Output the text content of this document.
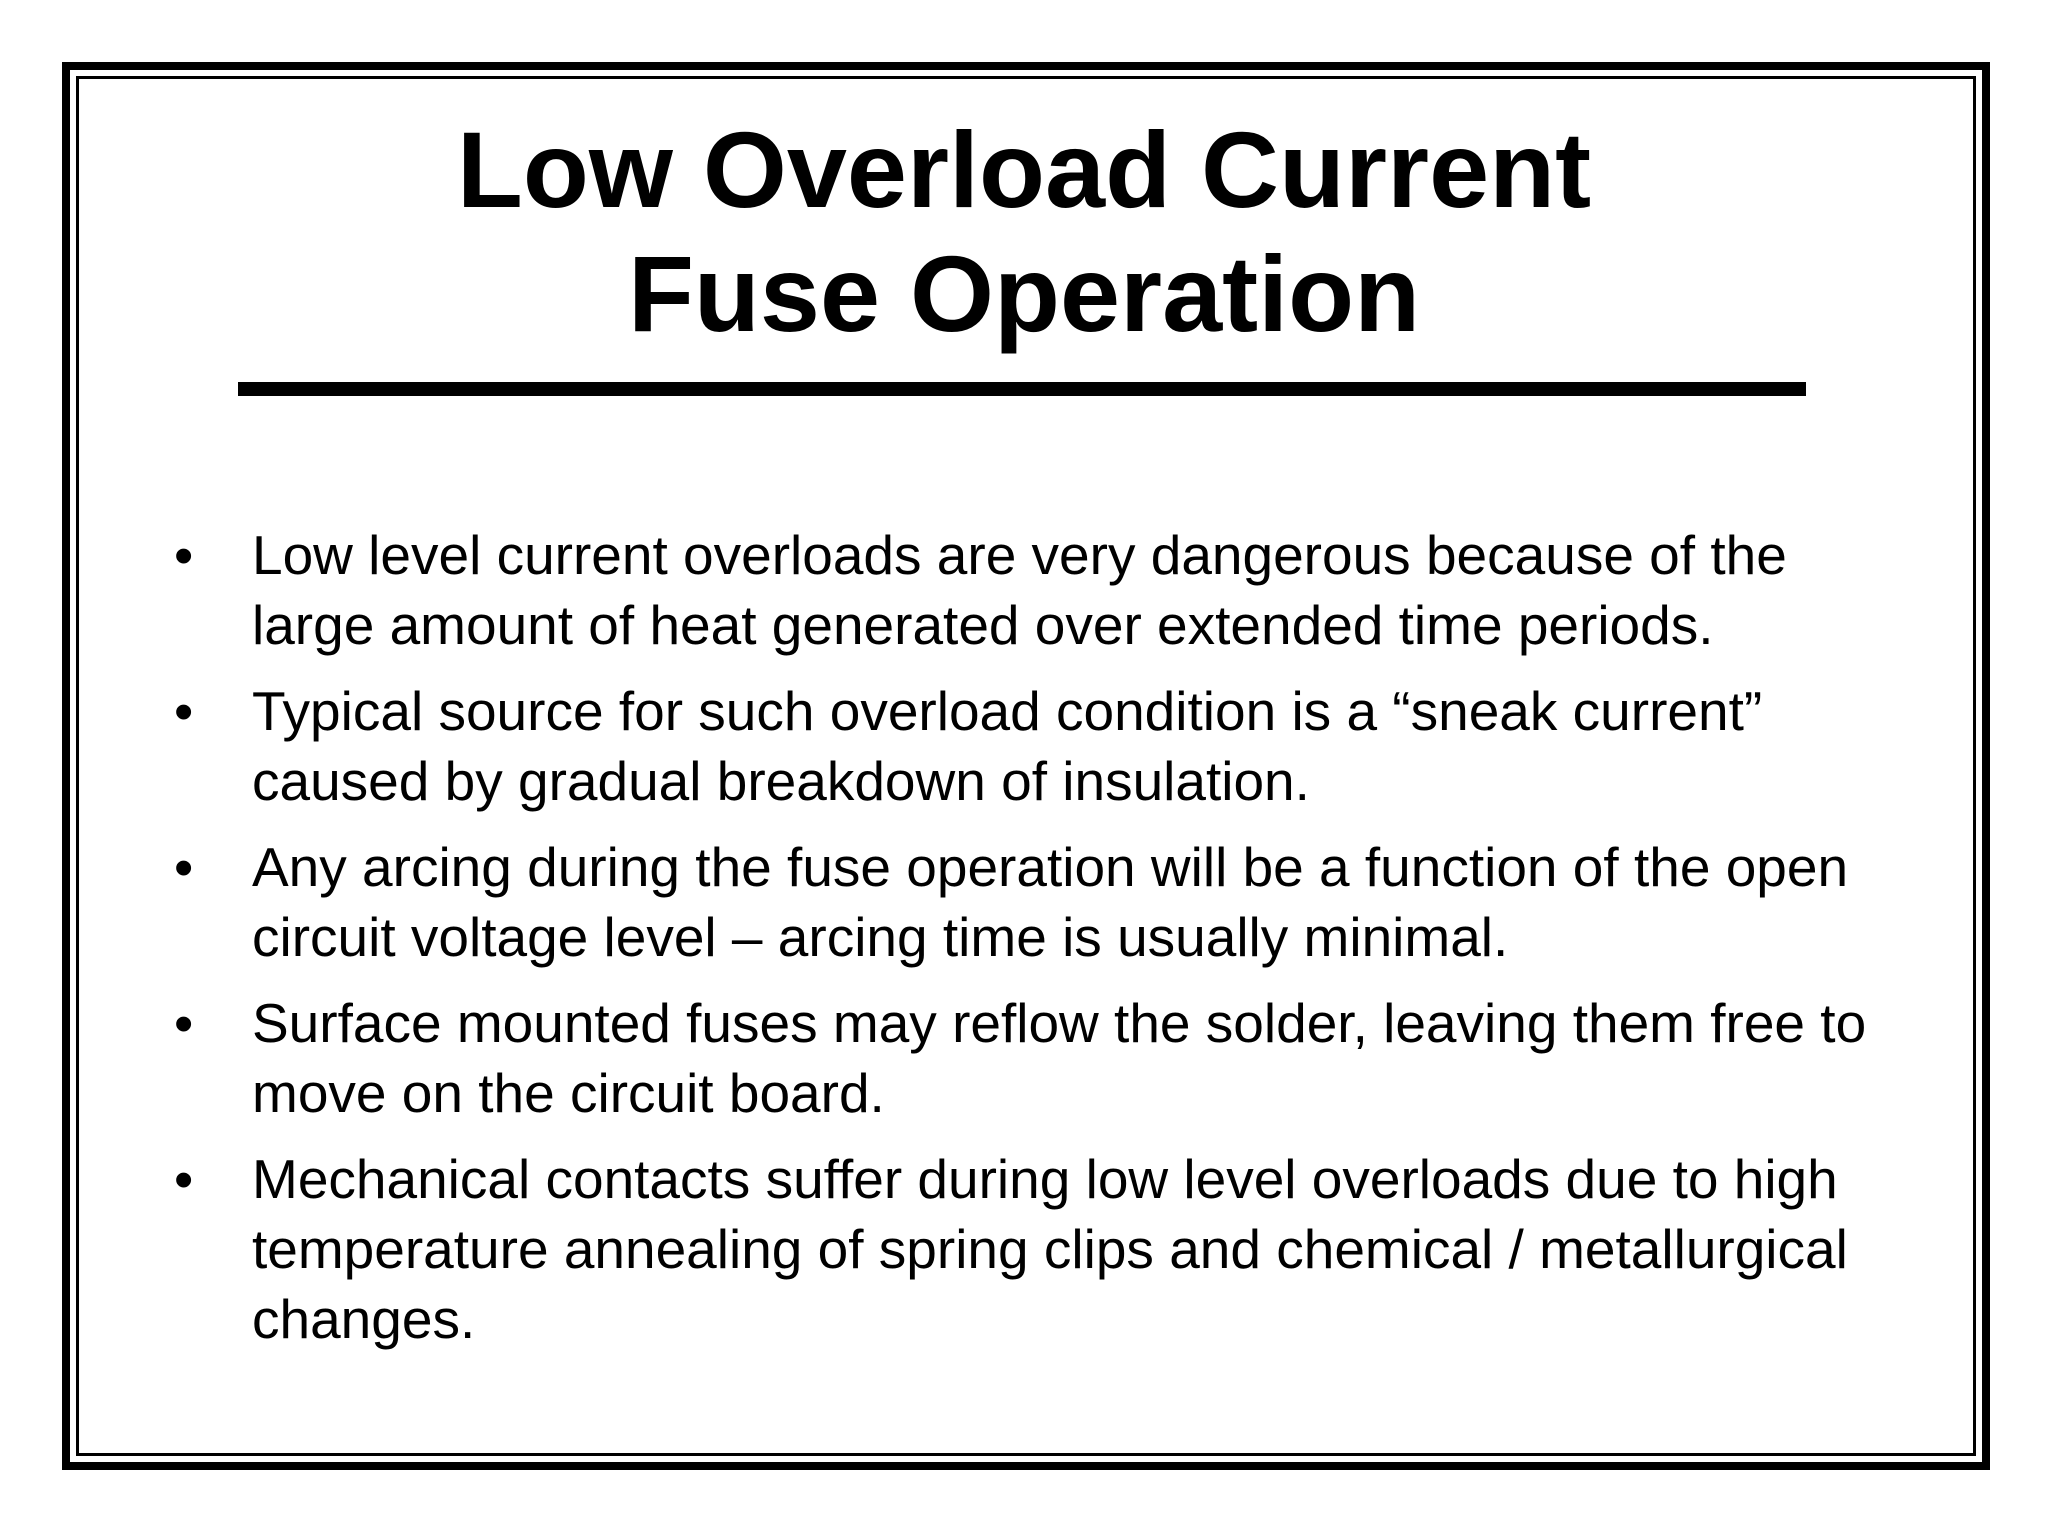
Low Overload Current
Fuse Operation
•	Low level current overloads are very dangerous because of the large amount of heat generated over extended time periods.
•	Typical source for such overload condition is a “sneak current” caused by gradual breakdown of insulation.
•	Any arcing during the fuse operation will be a function of the open circuit voltage level – arcing time is usually minimal.
•	Surface mounted fuses may reflow the solder, leaving them free to move on the circuit board.
•	Mechanical contacts suffer during low level overloads due to high temperature annealing of spring clips and chemical / metallurgical changes.
